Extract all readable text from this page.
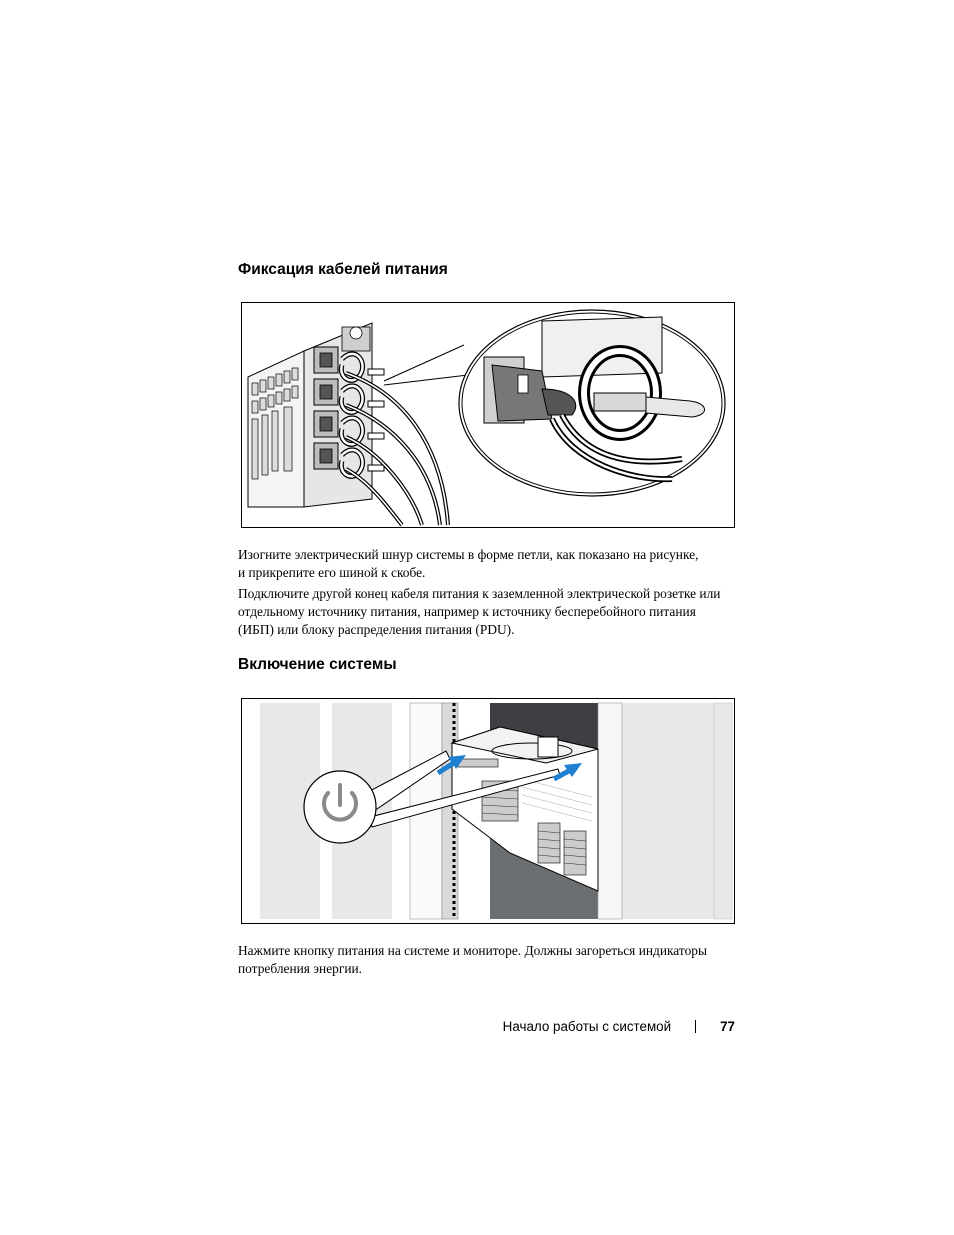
Фиксация кабелей питания

Изогните электрический шнур системы в форме петли, как показано на рисунке,
и прикрепите его шиной к скобе.

Подключите другой конец кабеля питания к заземленной электрической розетке или
отдельному источнику питания, например к источнику бесперебойного питания
(ИБП) или блоку распределения питания (PDU).

Включение системы

Нажмите кнопку питания на системе и мониторе. Должны загореться индикаторы
потребления энергии.

Начало работы с системой	77
